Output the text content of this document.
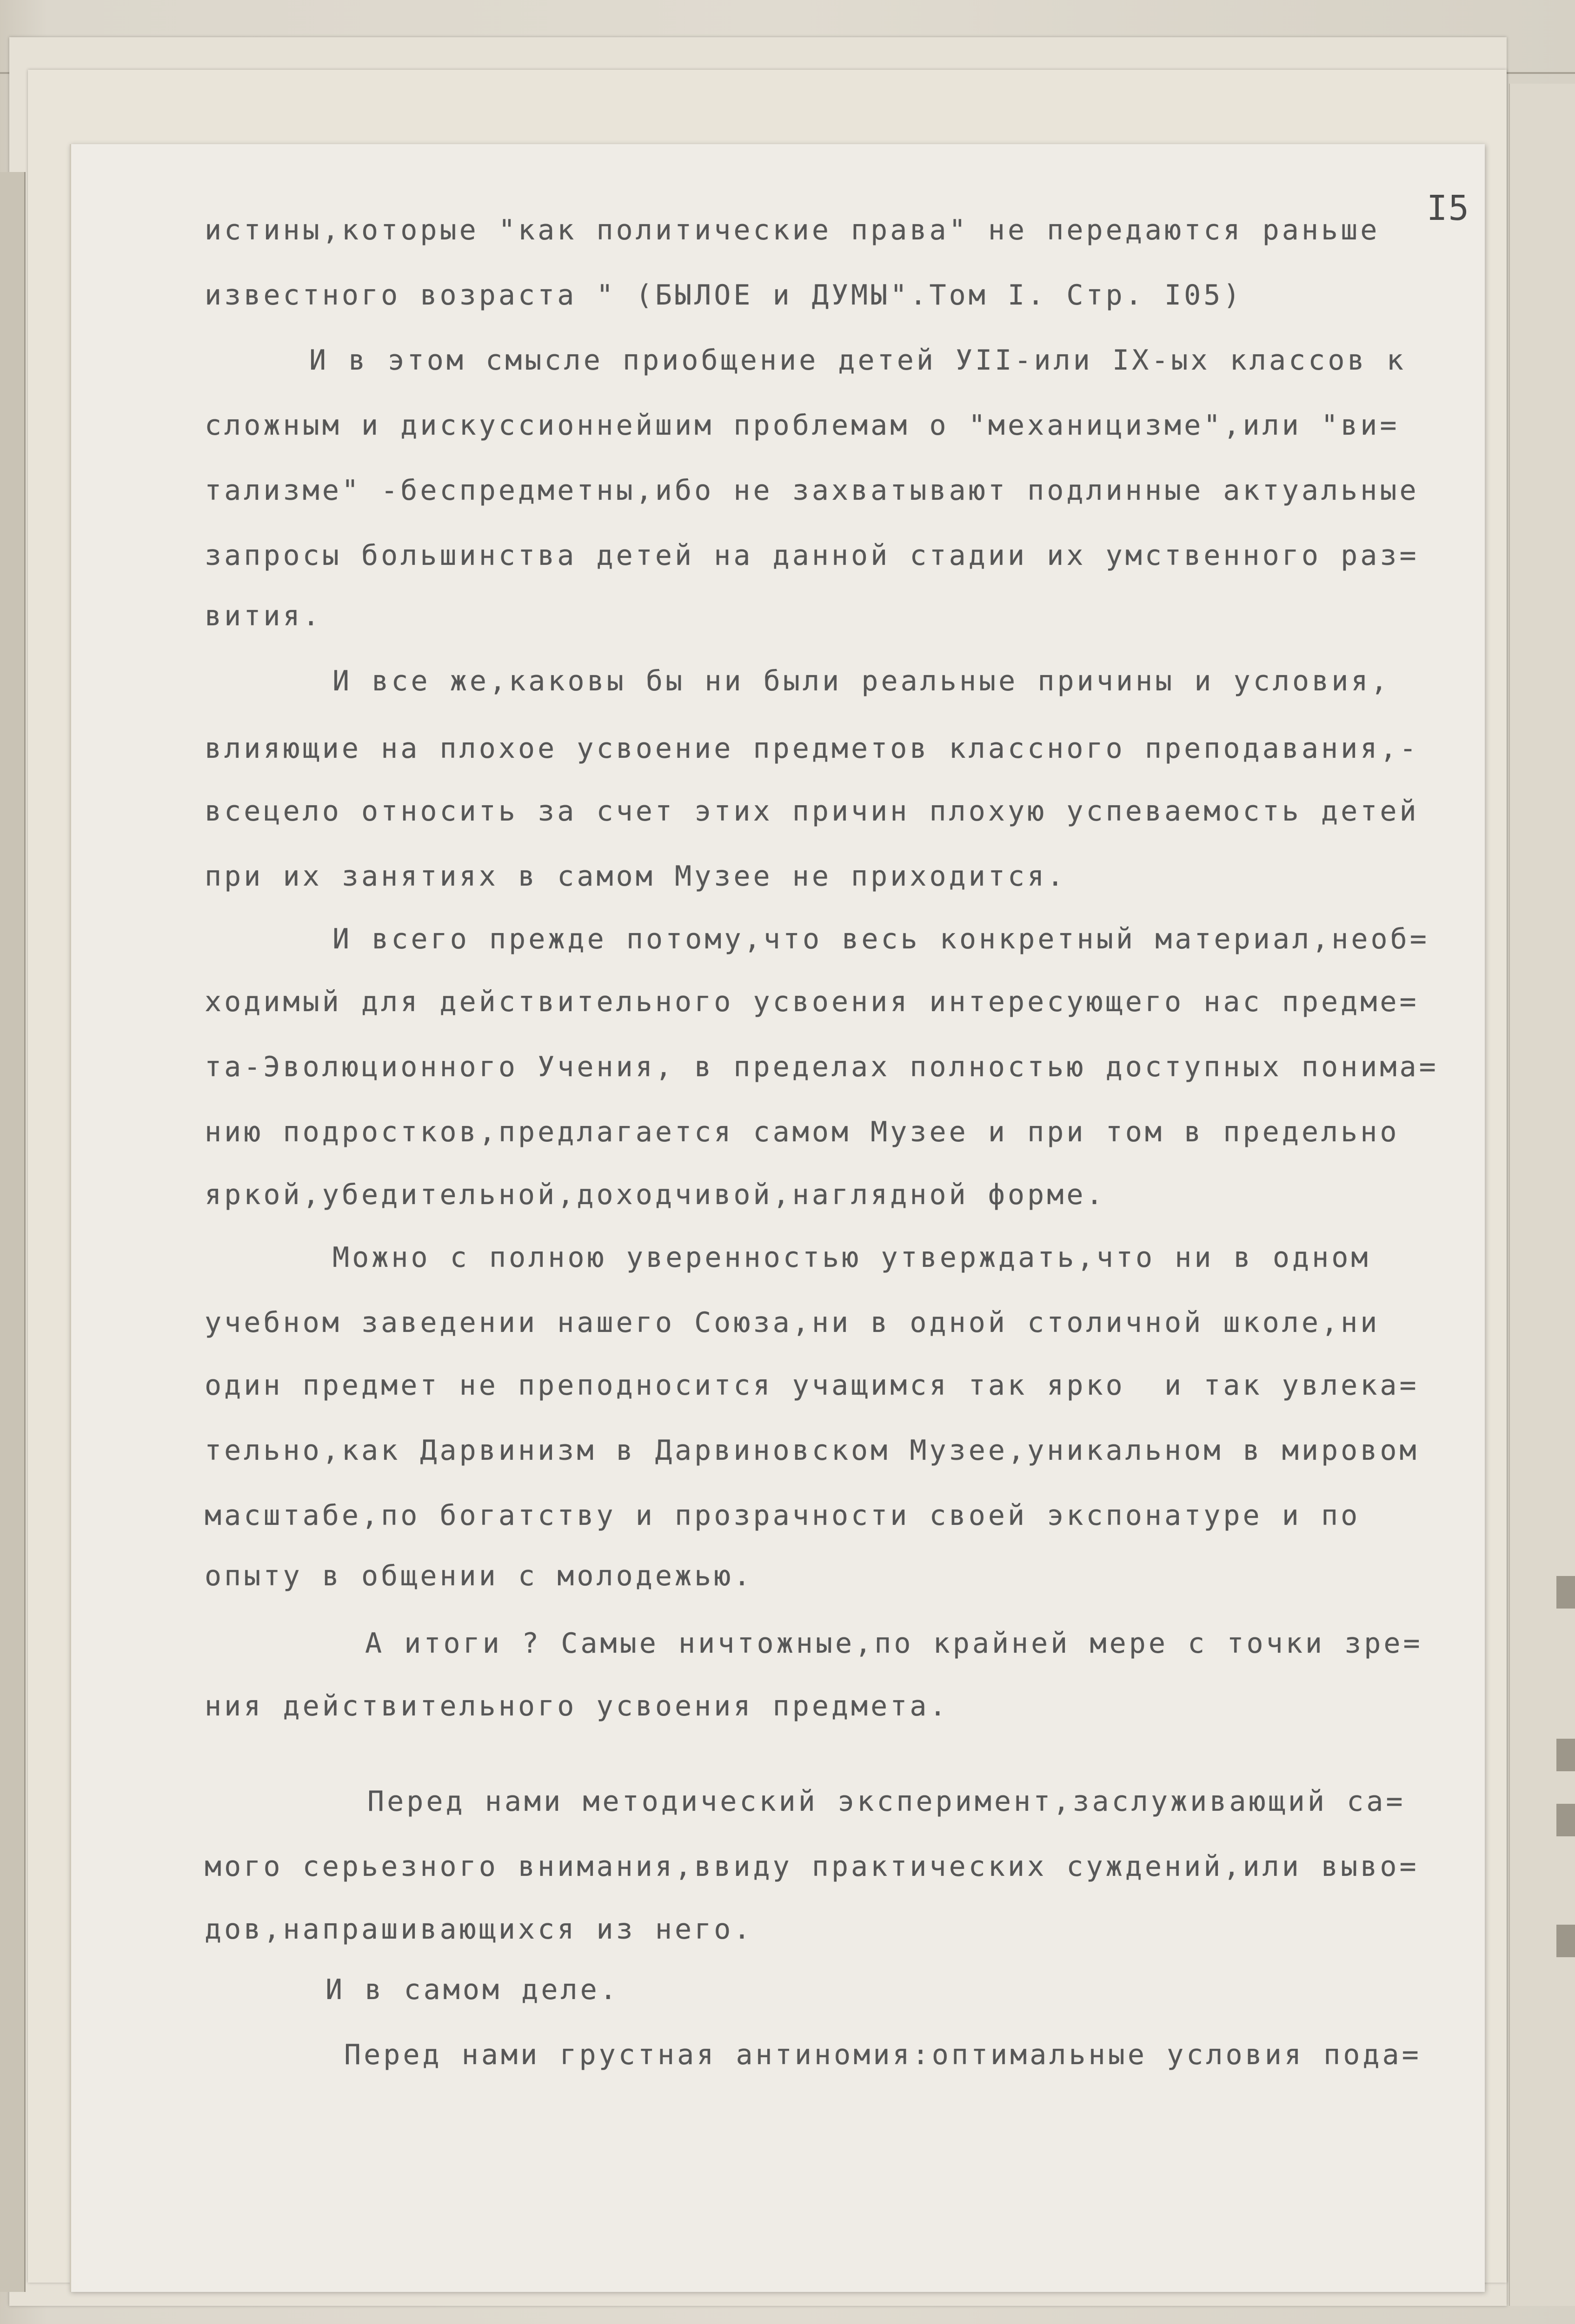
I5
истины,которые "как политические права" не передаются раньше
известного возраста " (БЫЛОЕ и ДУМЫ".Том I. Стр. I05)
И в этом смысле приобщение детей УII-или IХ-ых классов к
сложным и дискуссионнейшим проблемам о "механицизме",или "ви=
тализме" -беспредметны,ибо не захватывают подлинные актуальные
запросы большинства детей на данной стадии их умственного раз=
вития.
И все же,каковы бы ни были реальные причины и условия,
влияющие на плохое усвоение предметов классного преподавания,-
всецело относить за счет этих причин плохую успеваемость детей
при их занятиях в самом Музее не приходится.
И всего прежде потому,что весь конкретный материал,необ=
ходимый для действительного усвоения интересующего нас предме=
та-Эволюционного Учения, в пределах полностью доступных понима=
нию подростков,предлагается самом Музее и при том в предельно
яркой,убедительной,доходчивой,наглядной форме.
Можно с полною уверенностью утверждать,что ни в одном
учебном заведении нашего Союза,ни в одной столичной школе,ни
один предмет не преподносится учащимся так ярко  и так увлека=
тельно,как Дарвинизм в Дарвиновском Музее,уникальном в мировом
масштабе,по богатству и прозрачности своей экспонатуре и по
опыту в общении с молодежью.
А итоги ? Самые ничтожные,по крайней мере с точки зре=
ния действительного усвоения предмета.
Перед нами методический эксперимент,заслуживающий са=
мого серьезного внимания,ввиду практических суждений,или выво=
дов,напрашивающихся из него.
И в самом деле.
Перед нами грустная антиномия:оптимальные условия пода=
